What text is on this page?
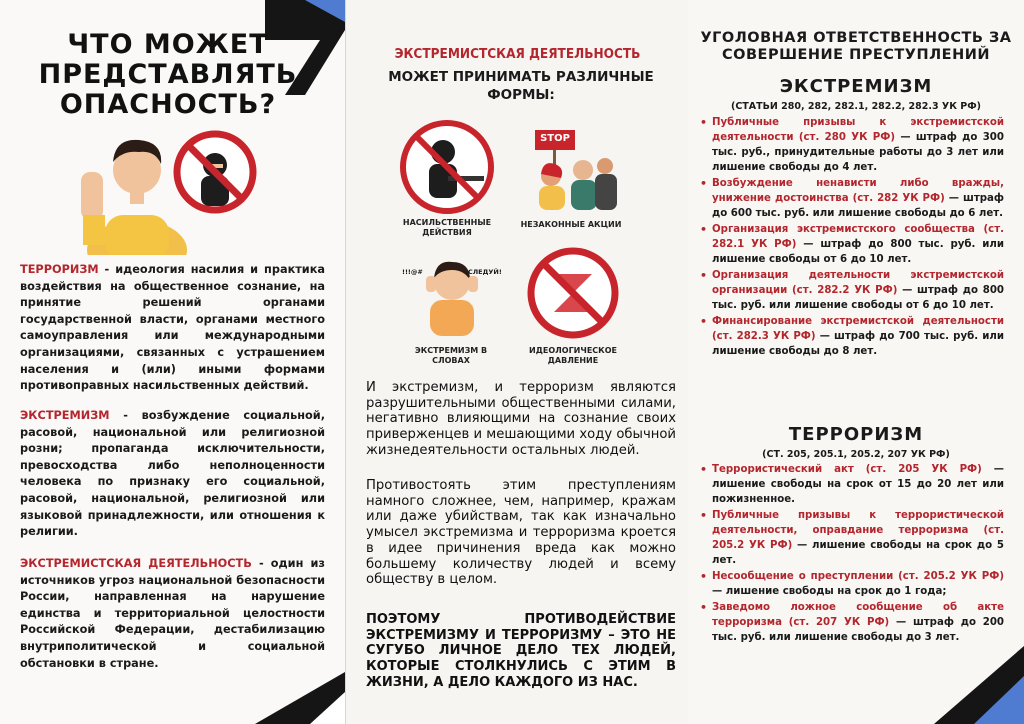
ЧТО МОЖЕТ
ПРЕДСТАВЛЯТЬ
ОПАСНОСТЬ?
ТЕРРОРИЗМ - идеология насилия и практика воздействия на общественное сознание, на принятие решений органами государственной власти, органами местного самоуправления или международными организациями, связанных с устрашением населения и (или) иными формами противоправных насильственных действий.
ЭКСТРЕМИЗМ - возбуждение социальной, расовой, национальной или религиозной розни; пропаганда исключительности, превосходства либо неполноценности человека по признаку его социальной, расовой, национальной, религиозной или языковой принадлежности, или отношения к религии.
ЭКСТРЕМИСТСКАЯ ДЕЯТЕЛЬНОСТЬ - один из источников угроз национальной безопасности России, направленная на нарушение единства и территориальной целостности Российской Федерации, дестабилизацию внутриполитической и социальной обстановки в стране.
ЭКСТРЕМИСТСКАЯ ДЕЯТЕЛЬНОСТЬ
МОЖЕТ ПРИНИМАТЬ РАЗЛИЧНЫЕ ФОРМЫ:
НАСИЛЬСТВЕННЫЕ ДЕЙСТВИЯ
STOP
НЕЗАКОННЫЕ АКЦИИ
!!!@#	СЛЕДУЙ!
ЭКСТРЕМИЗМ В СЛОВАХ
ИДЕОЛОГИЧЕСКОЕ ДАВЛЕНИЕ
И экстремизм, и терроризм являются разрушительными общественными силами, негативно влияющими на сознание своих приверженцев и мешающими ходу обычной жизнедеятельности остальных людей.
Противостоять этим преступлениям намного сложнее, чем, например, кражам или даже убийствам, так как изначально умысел экстремизма и терроризма кроется в идее причинения вреда как можно большему количеству людей и всему обществу в целом.
ПОЭТОМУ ПРОТИВОДЕЙСТВИЕ ЭКСТРЕМИЗМУ И ТЕРРОРИЗМУ – ЭТО НЕ СУГУБО ЛИЧНОЕ ДЕЛО ТЕХ ЛЮДЕЙ, КОТОРЫЕ СТОЛКНУЛИСЬ С ЭТИМ В ЖИЗНИ, А ДЕЛО КАЖДОГО ИЗ НАС.
УГОЛОВНАЯ ОТВЕТСТВЕННОСТЬ ЗА СОВЕРШЕНИЕ ПРЕСТУПЛЕНИЙ
ЭКСТРЕМИЗМ
(СТАТЬИ 280, 282, 282.1, 282.2, 282.3 УК РФ)
• Публичные призывы к экстремистской деятельности (ст. 280 УК РФ) — штраф до 300 тыс. руб., принудительные работы до 3 лет или лишение свободы до 4 лет.
• Возбуждение ненависти либо вражды, унижение достоинства (ст. 282 УК РФ) — штраф до 600 тыс. руб. или лишение свободы до 6 лет.
• Организация экстремистского сообщества (ст. 282.1 УК РФ) — штраф до 800 тыс. руб. или лишение свободы от 6 до 10 лет.
• Организация деятельности экстремистской организации (ст. 282.2 УК РФ) — штраф до 800 тыс. руб. или лишение свободы от 6 до 10 лет.
• Финансирование экстремистской деятельности (ст. 282.3 УК РФ) — штраф до 700 тыс. руб. или лишение свободы до 8 лет.
ТЕРРОРИЗМ
(СТ. 205, 205.1, 205.2, 207 УК РФ)
• Террористический акт (ст. 205 УК РФ) — лишение свободы на срок от 15 до 20 лет или пожизненное.
• Публичные призывы к террористической деятельности, оправдание терроризма (ст. 205.2 УК РФ) — лишение свободы на срок до 5 лет.
• Несообщение о преступлении (ст. 205.2 УК РФ) — лишение свободы на срок до 1 года;
• Заведомо ложное сообщение об акте терроризма (ст. 207 УК РФ) — штраф до 200 тыс. руб. или лишение свободы до 3 лет.
